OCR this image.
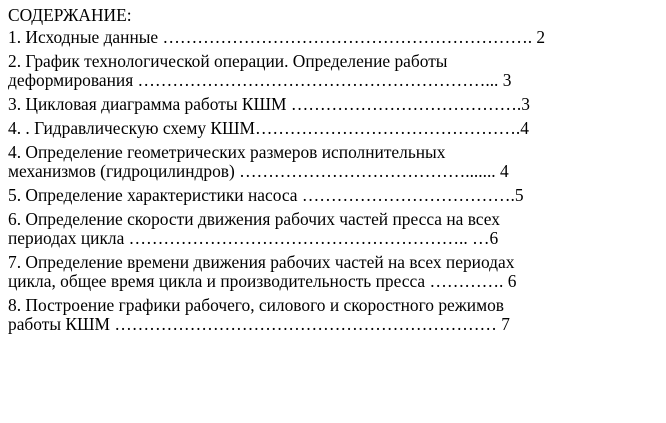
СОДЕРЖАНИЕ:
1. Исходные данные ………………………………………………………. 2
2. График технологической операции. Определение работы
деформирования ……………………………………………………... 3
3. Цикловая диаграмма работы КШМ ………………………………….3
4. . Гидравлическую схему КШМ……………………………………….4
4. Определение геометрических размеров исполнительных
механизмов (гидроцилиндров) …………………………………....... 4
5. Определение характеристики насоса ……………………………….5
6. Определение скорости движения рабочих частей пресса на всех
периодах цикла ………………………………………………….. …6
7. Определение времени движения рабочих частей на всех периодах
цикла, общее время цикла и производительность пресса …………. 6
8. Построение графики рабочего, силового и скоростного режимов
работы КШМ ………………………………………………………… 7
